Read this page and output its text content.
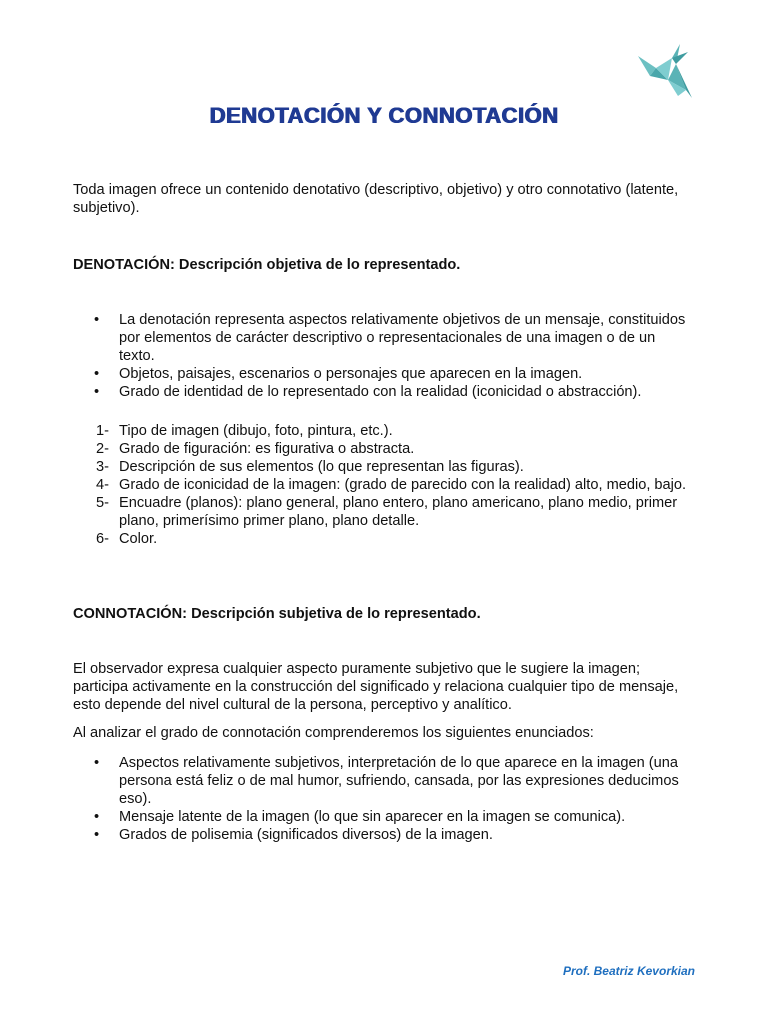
DENOTACIÓN Y CONNOTACIÓN

Toda imagen ofrece un contenido denotativo (descriptivo, objetivo) y otro connotativo (latente, subjetivo).

DENOTACIÓN: Descripción objetiva de lo representado.

• La denotación representa aspectos relativamente objetivos de un mensaje, constituidos por elementos de carácter descriptivo o representacionales de una imagen o de un texto.
• Objetos, paisajes, escenarios o personajes que aparecen en la imagen.
• Grado de identidad de lo representado con la realidad (iconicidad o abstracción).
1- Tipo de imagen (dibujo, foto, pintura, etc.).
2- Grado de figuración: es figurativa o abstracta.
3- Descripción de sus elementos (lo que representan las figuras).
4- Grado de iconicidad de la imagen: (grado de parecido con la realidad) alto, medio, bajo.
5- Encuadre (planos): plano general, plano entero, plano americano, plano medio, primer plano, primerísimo primer plano, plano detalle.
6- Color.

CONNOTACIÓN: Descripción subjetiva de lo representado.

El observador expresa cualquier aspecto puramente subjetivo que le sugiere la imagen; participa activamente en la construcción del significado y relaciona cualquier tipo de mensaje, esto depende del nivel cultural de la persona, perceptivo y analítico.

Al analizar el grado de connotación comprenderemos los siguientes enunciados:

• Aspectos relativamente subjetivos, interpretación de lo que aparece en la imagen (una persona está feliz o de mal humor, sufriendo, cansada, por las expresiones deducimos eso).
• Mensaje latente de la imagen (lo que sin aparecer en la imagen se comunica).
• Grados de polisemia (significados diversos) de la imagen.
Prof. Beatriz Kevorkian
